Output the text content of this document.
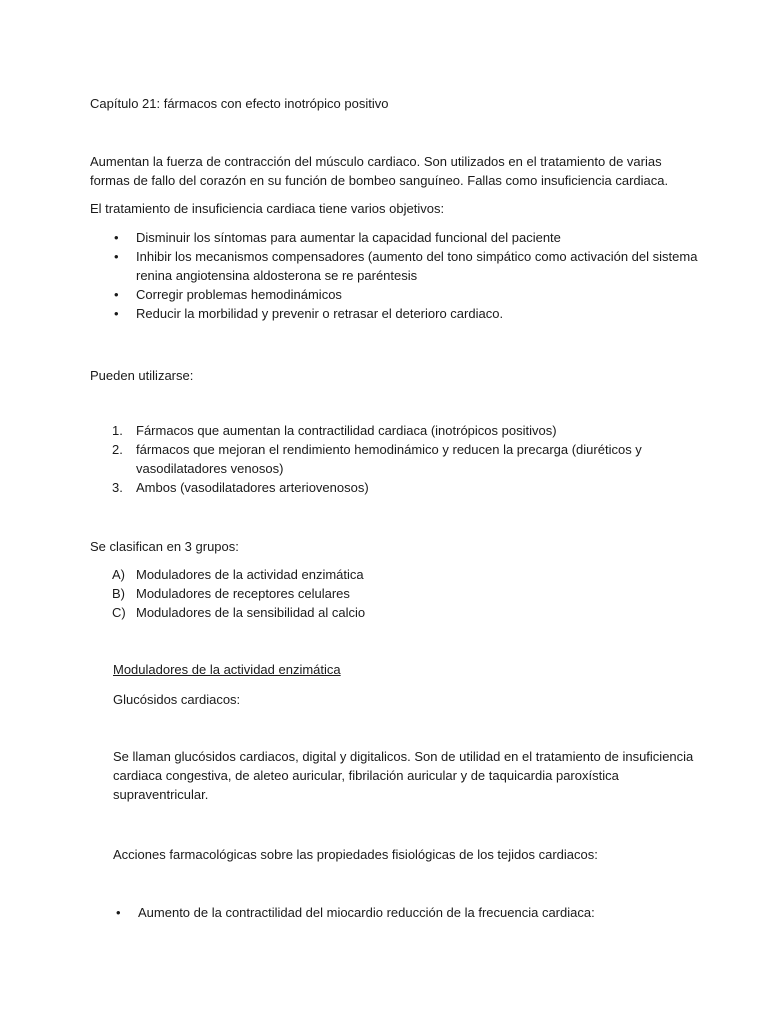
Capítulo 21: fármacos con efecto inotrópico positivo
Aumentan la fuerza de contracción del músculo cardiaco. Son utilizados en el tratamiento de varias formas de fallo del corazón en su función de bombeo sanguíneo. Fallas como insuficiencia cardiaca.
El tratamiento de insuficiencia cardiaca tiene varios objetivos:
• Disminuir los síntomas para aumentar la capacidad funcional del paciente
• Inhibir los mecanismos compensadores (aumento del tono simpático como activación del sistema renina angiotensina aldosterona se re paréntesis
• Corregir problemas hemodinámicos
• Reducir la morbilidad y prevenir o retrasar el deterioro cardiaco.
Pueden utilizarse:
1. Fármacos que aumentan la contractilidad cardiaca (inotrópicos positivos)
2. fármacos que mejoran el rendimiento hemodinámico y reducen la precarga (diuréticos y vasodilatadores venosos)
3. Ambos (vasodilatadores arteriovenosos)
Se clasifican en 3 grupos:
A) Moduladores de la actividad enzimática
B) Moduladores de receptores celulares
C) Moduladores de la sensibilidad al calcio
Moduladores de la actividad enzimática
Glucósidos cardiacos:
Se llaman glucósidos cardiacos, digital y digitalicos. Son de utilidad en el tratamiento de insuficiencia cardiaca congestiva, de aleteo auricular, fibrilación auricular y de taquicardia paroxística supraventricular.
Acciones farmacológicas sobre las propiedades fisiológicas de los tejidos cardiacos:
• Aumento de la contractilidad del miocardio reducción de la frecuencia cardiaca:
